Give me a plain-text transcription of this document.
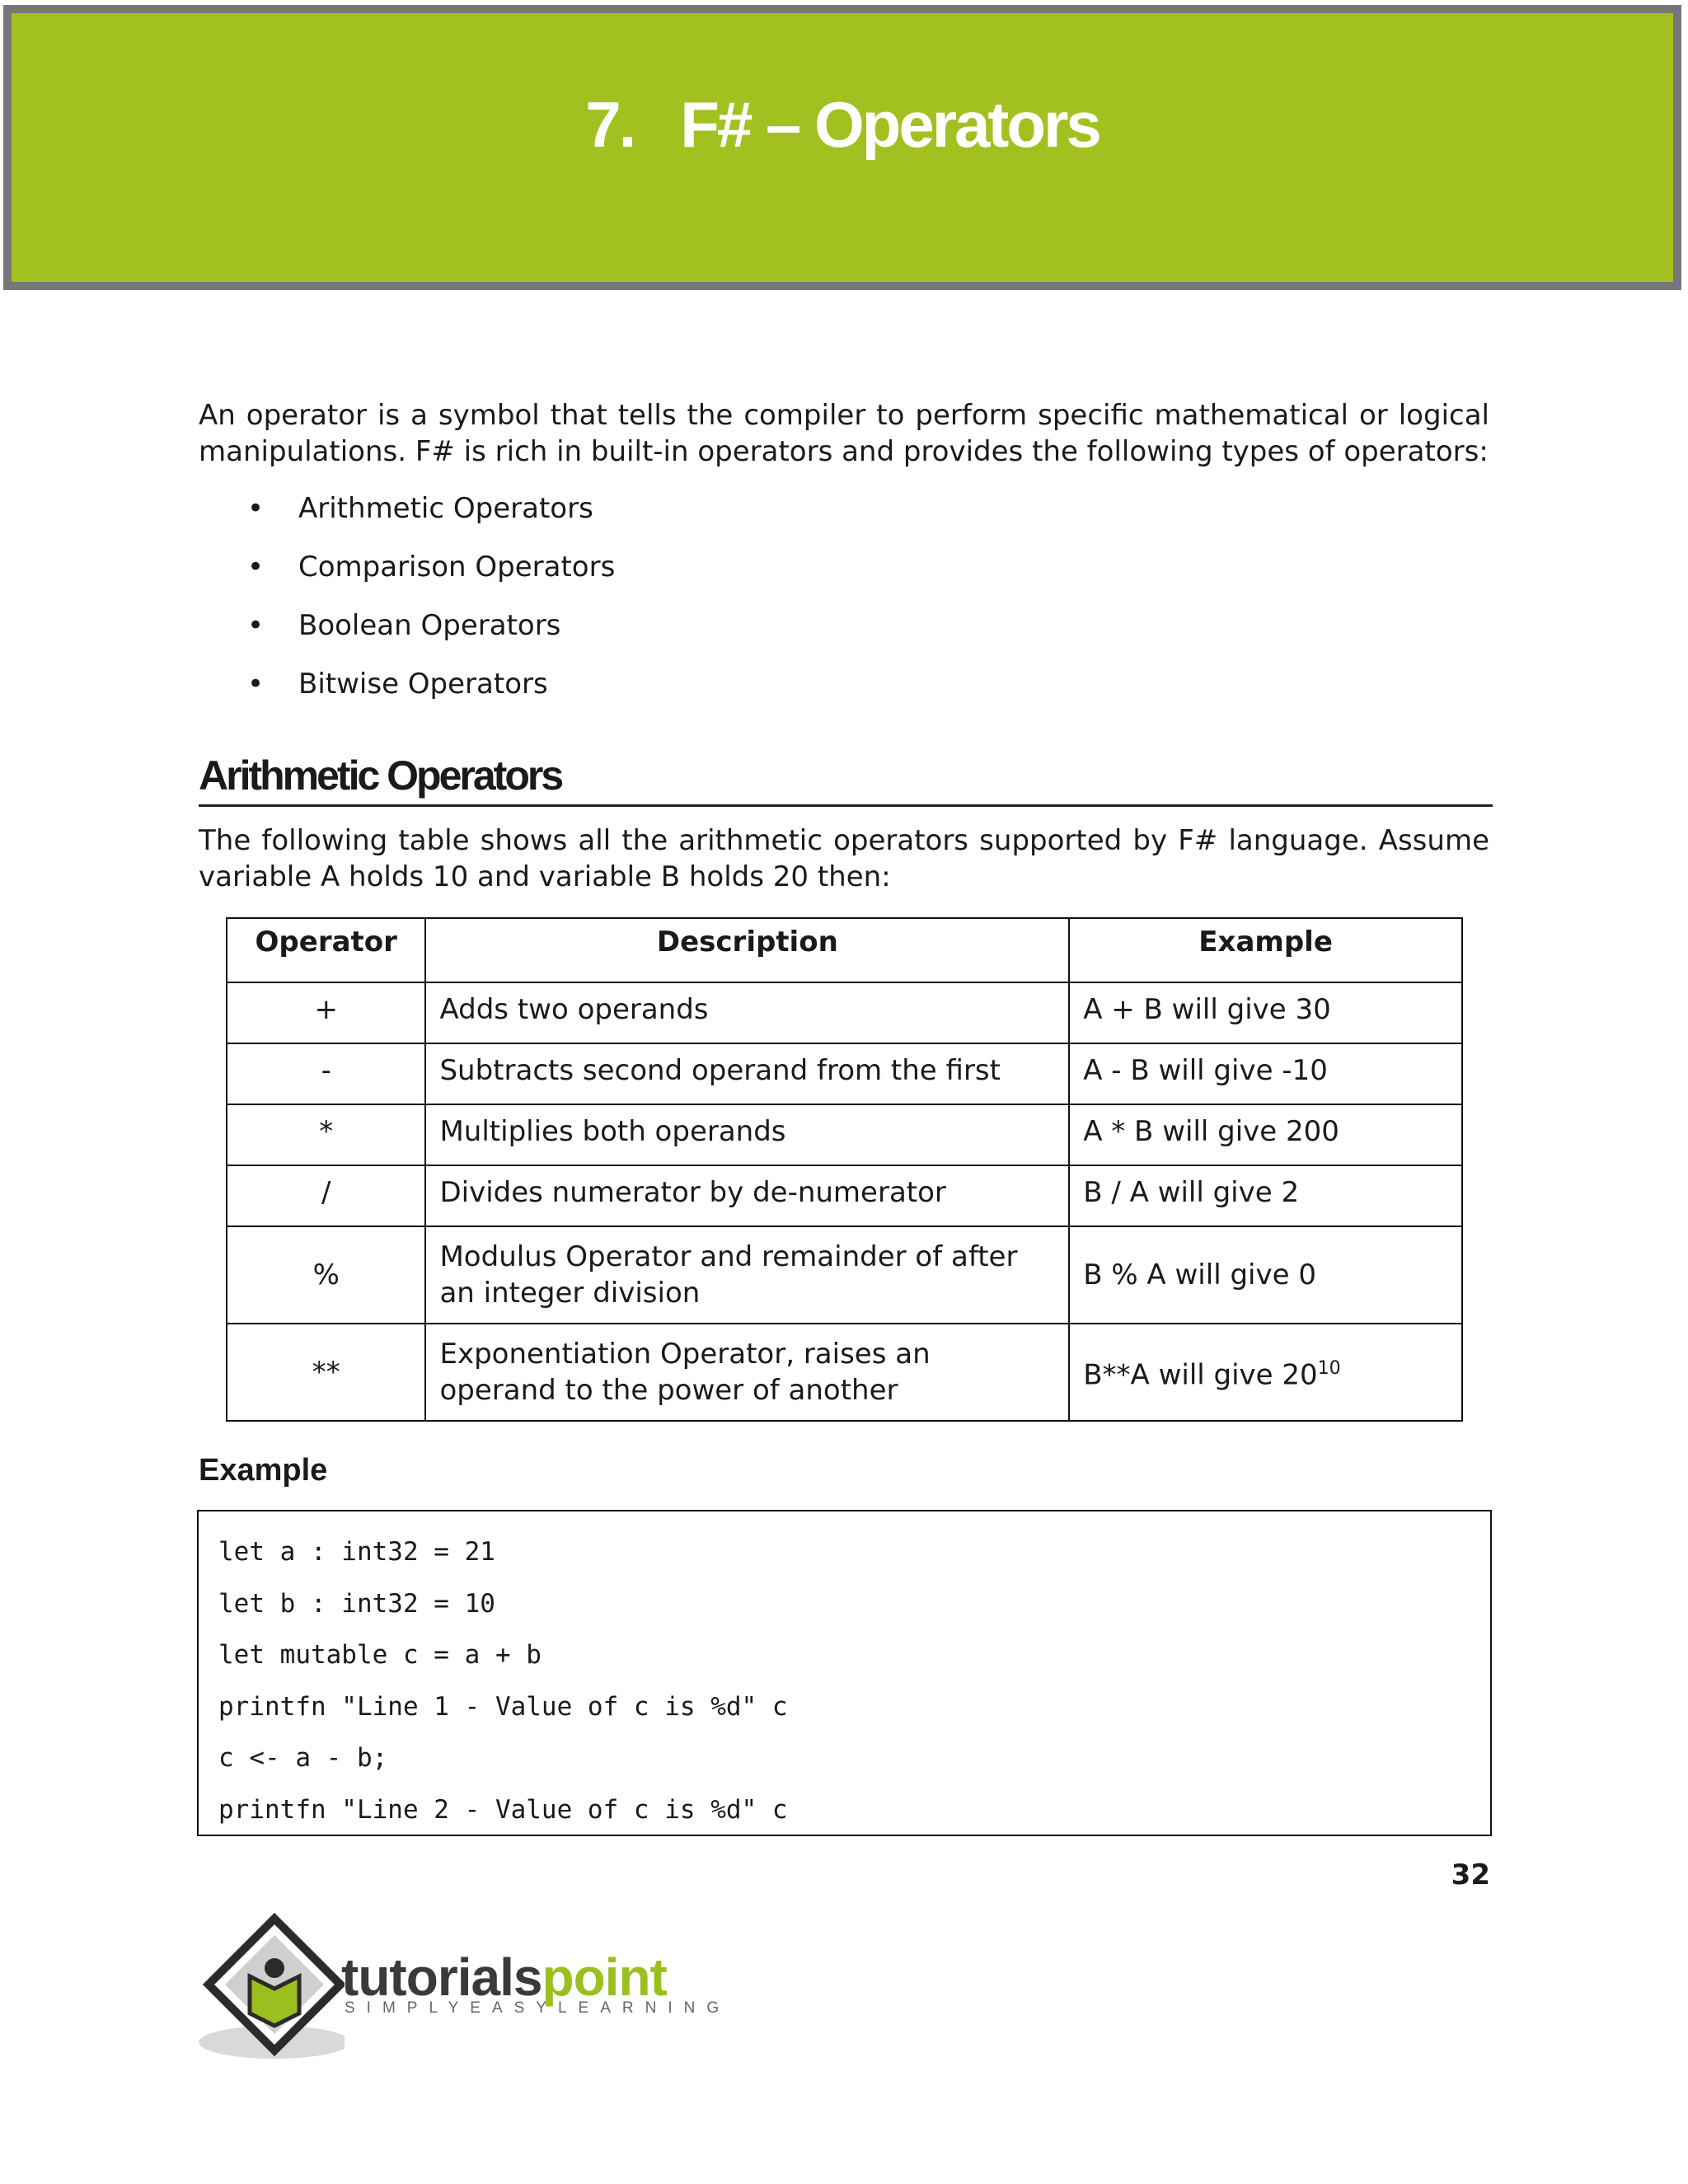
7.   F# – Operators

An operator is a symbol that tells the compiler to perform specific mathematical or logical manipulations. F# is rich in built-in operators and provides the following types of operators:

• Arithmetic Operators
• Comparison Operators
• Boolean Operators
• Bitwise Operators
Arithmetic Operators

The following table shows all the arithmetic operators supported by F# language. Assume variable A holds 10 and variable B holds 20 then:

Operator	Description	Example
+	Adds two operands	A + B will give 30
-	Subtracts second operand from the first	A - B will give -10
*	Multiplies both operands	A * B will give 200
/	Divides numerator by de-numerator	B / A will give 2
%	Modulus Operator and remainder of after an integer division	B % A will give 0
**	Exponentiation Operator, raises an operand to the power of another	B**A will give $20^{10}$
Example
let a : int32 = 21
let b : int32 = 10
let mutable c = a + b
printfn "Line 1 - Value of c is %d" c
c <- a - b;
printfn "Line 2 - Value of c is %d" c
32
tutorialspoint
SIMPLYEASYLEARNING
